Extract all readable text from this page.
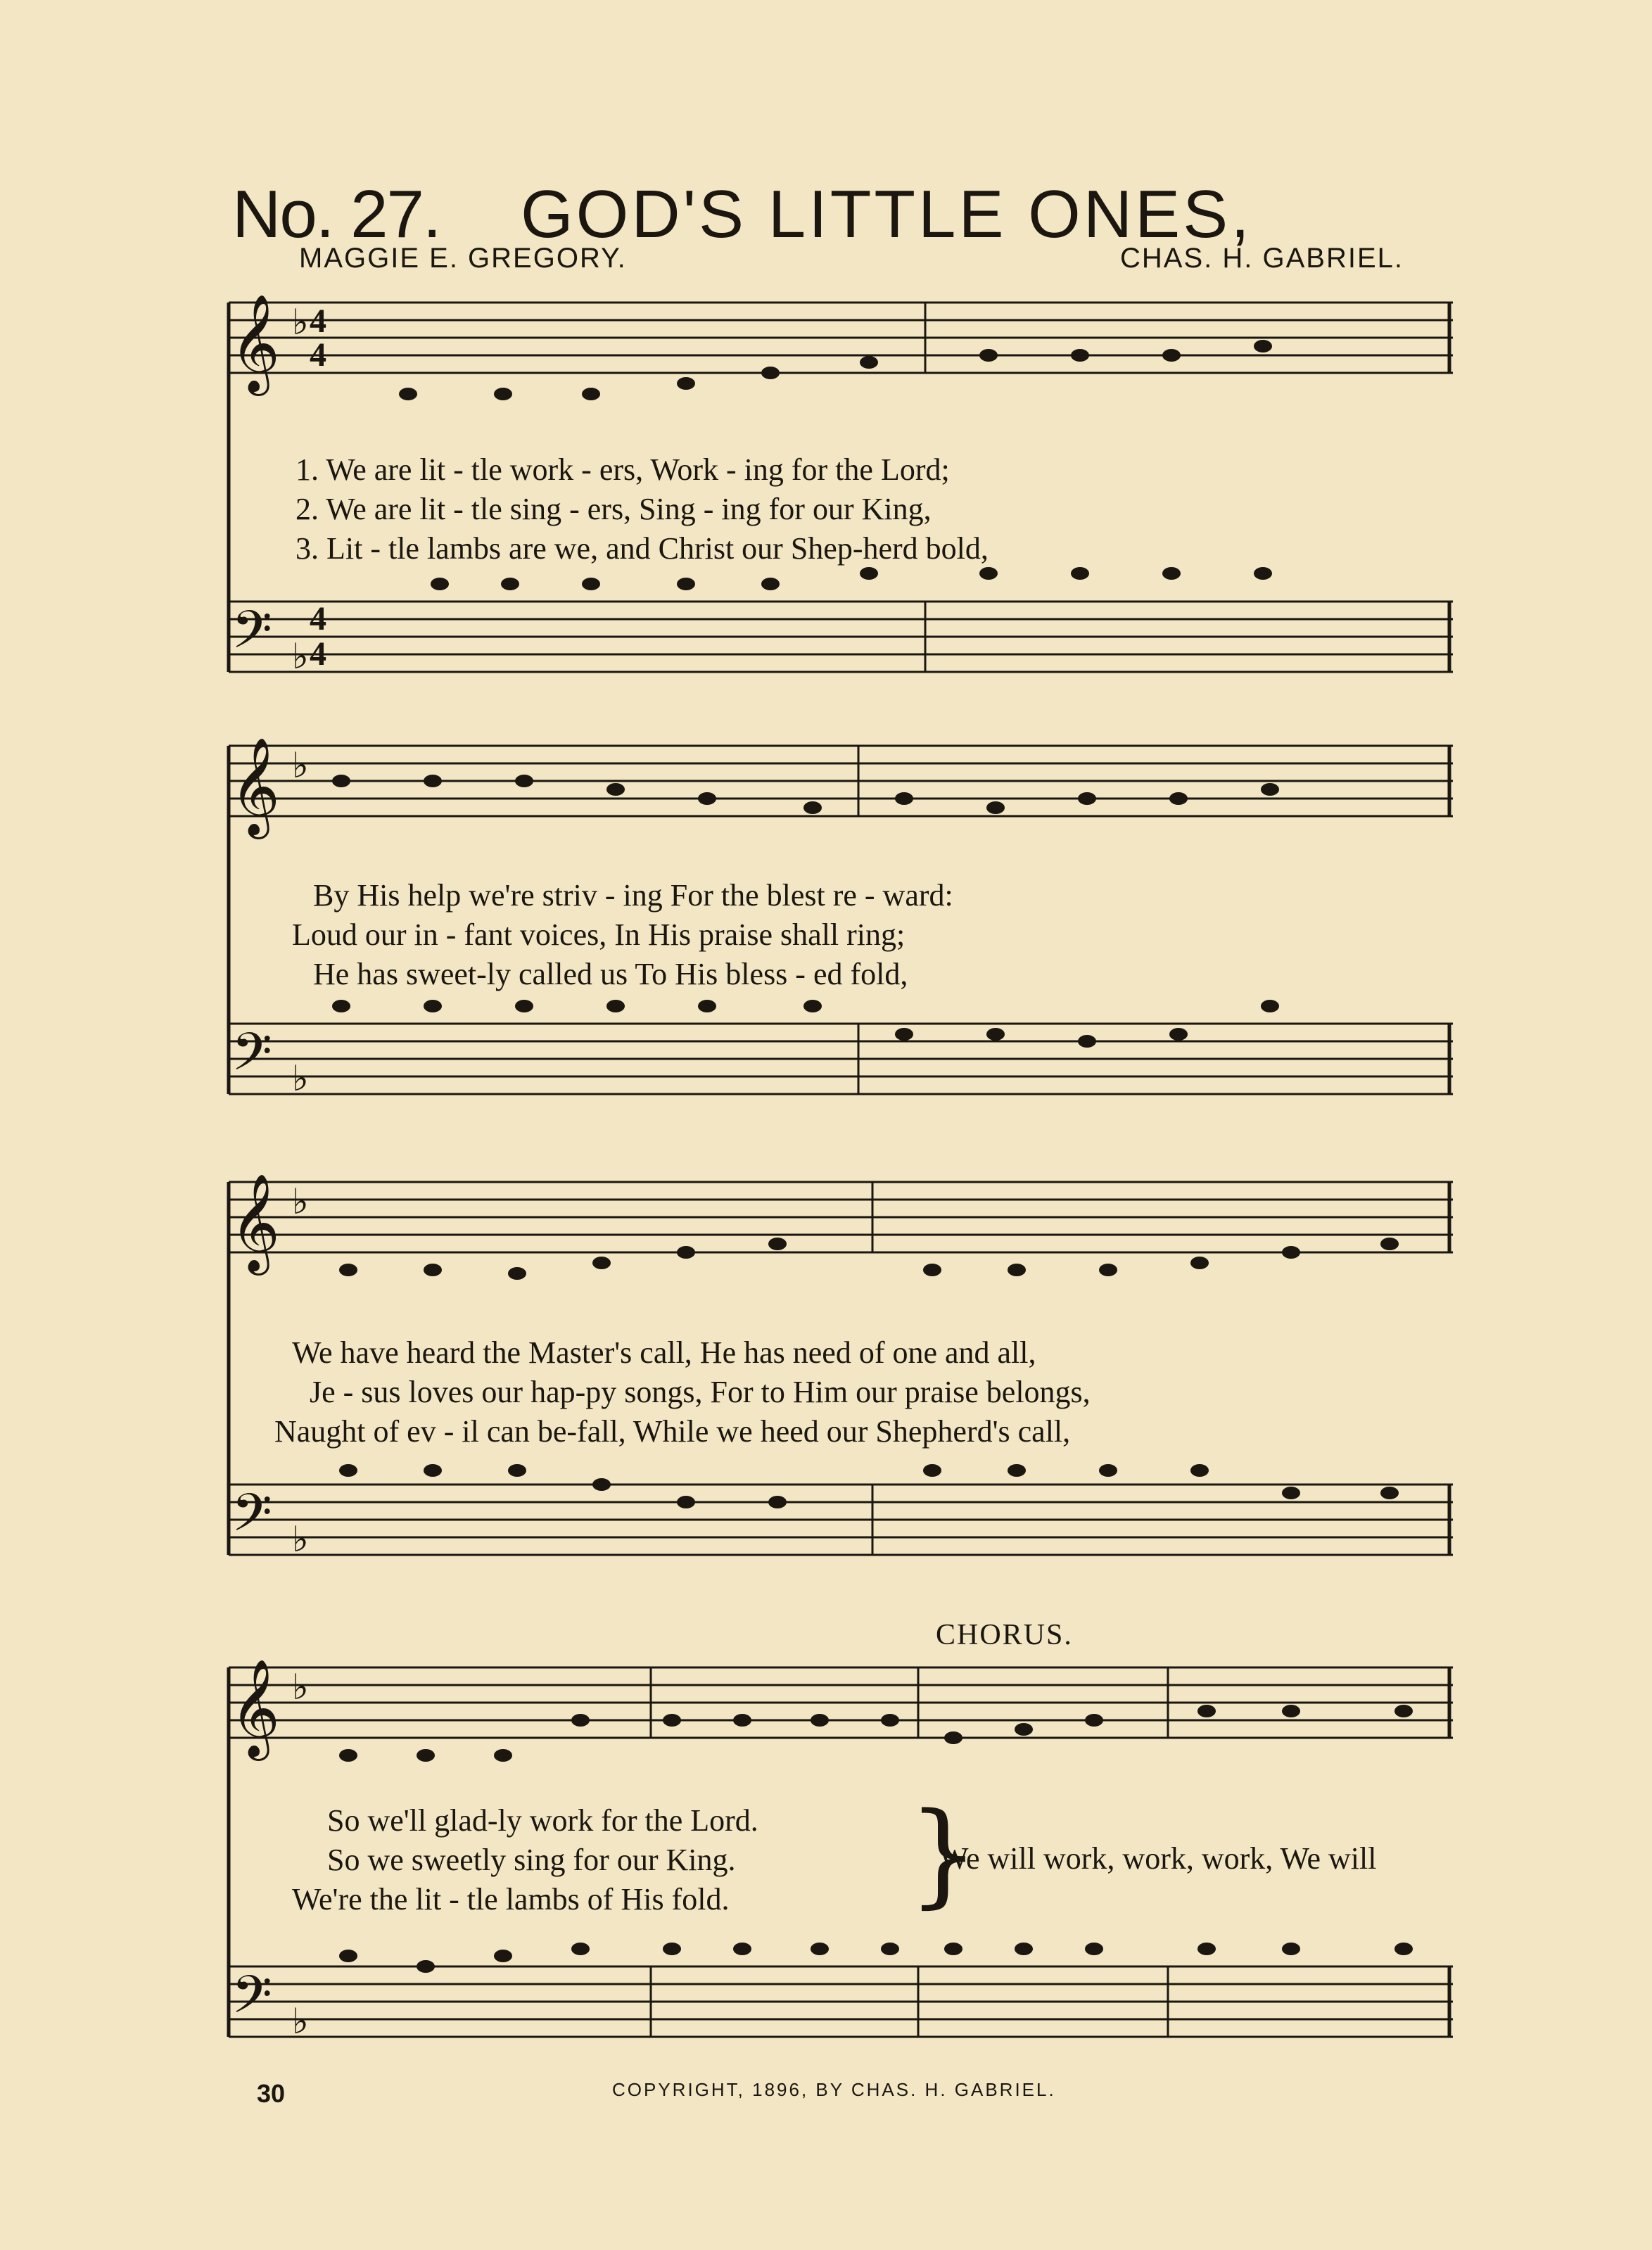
No. 27. GOD'S LITTLE ONES,
MAGGIE E. GREGORY.	CHAS. H. GABRIEL.
𝄞
𝄢
♭ 4
4
♭
4
4
1. We are lit - tle work - ers, Work - ing for the Lord;
2. We are lit - tle sing - ers, Sing - ing for our King,
3. Lit - tle lambs are we, and Christ our Shep-herd bold,
𝄞
𝄢
♭
♭
By His help we're striv - ing For the blest re - ward:
Loud our in - fant voices, In His praise shall ring;
He has sweet-ly called us To His bless - ed fold,
𝄞
𝄢
♭
♭
We have heard the Master's call, He has need of one and all,
Je - sus loves our hap-py songs, For to Him our praise belongs,
Naught of ev - il can be-fall, While we heed our Shepherd's call,
CHORUS.
𝄞
𝄢
♭
♭
So we'll glad-ly work for the Lord.
So we sweetly sing for our King.
We're the lit - tle lambs of His fold.	}
We will work, work, work, We will
30	COPYRIGHT, 1896, BY CHAS. H. GABRIEL.
